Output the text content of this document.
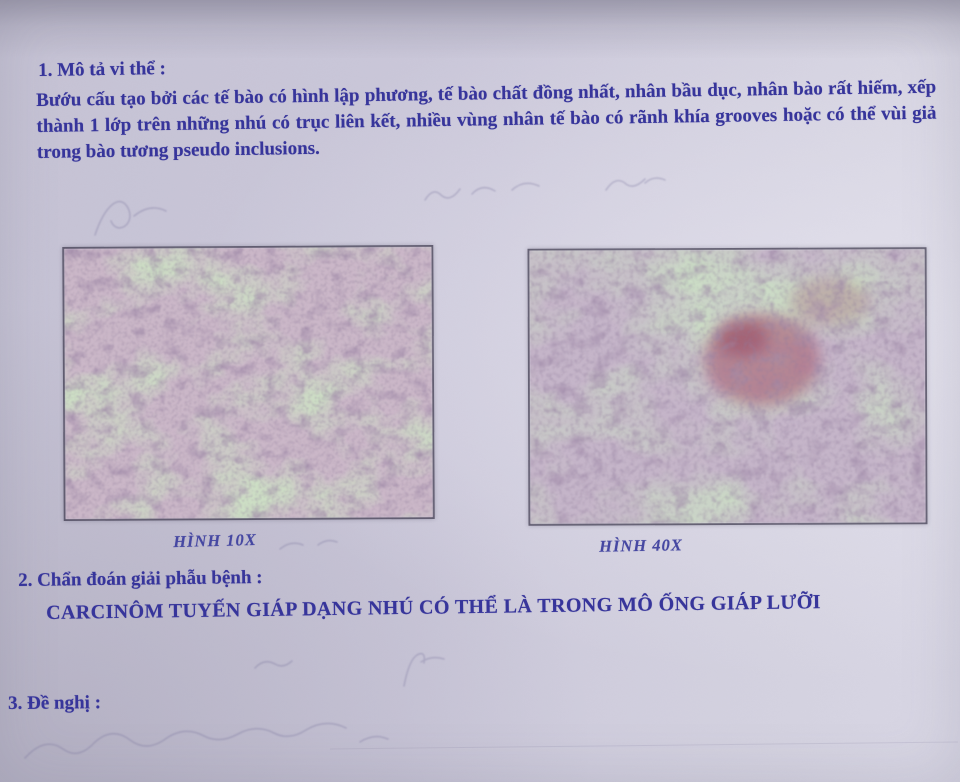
1. Mô tả vi thể :
Bướu cấu tạo bởi các tế bào có hình lập phương, tế bào chất đồng nhất, nhân bầu dục, nhân bào rất hiếm, xếp thành 1 lớp trên những nhú có trục liên kết, nhiều vùng nhân tế bào có rãnh khía grooves hoặc có thể vùi giả trong bào tương pseudo inclusions.
HÌNH 10X	HÌNH 40X
2. Chẩn đoán giải phẫu bệnh :
CARCINÔM TUYẾN GIÁP DẠNG NHÚ CÓ THỂ LÀ TRONG MÔ ỐNG GIÁP LƯỠI
3. Đề nghị :
